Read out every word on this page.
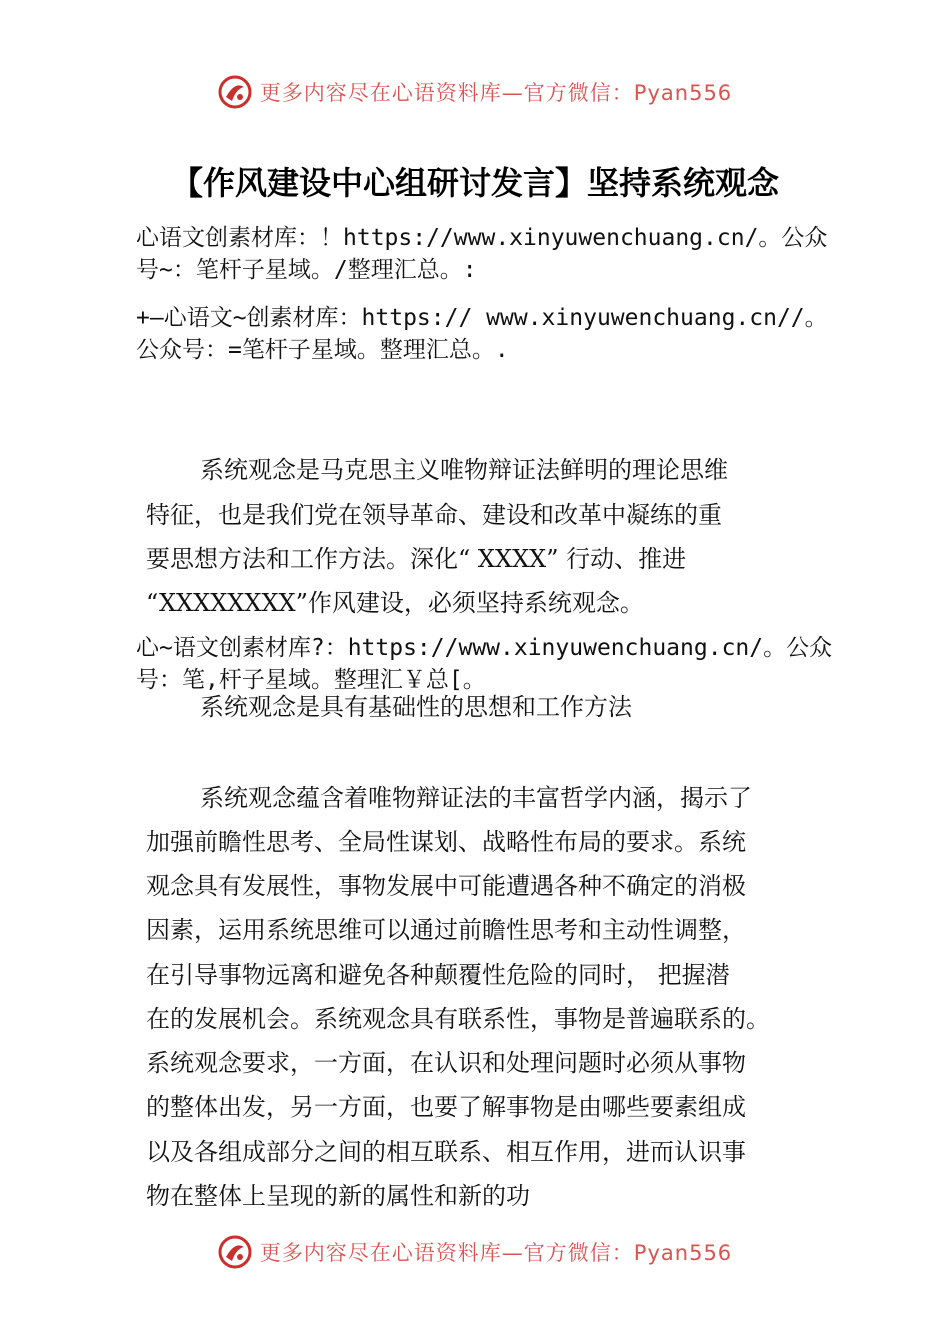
更多内容尽在心语资料库—官方微信：Pyan556
【作风建设中心组研讨发言】坚持系统观念

心语文创素材库：！https://www.xinyuwenchuang.cn/。公众号~：笔杆子星域。/整理汇总。:

+—心语文~创素材库：https:// www.xinyuwenchuang.cn//。公众号：=笔杆子星域。整理汇总。.

系统观念是马克思主义唯物辩证法鲜明的理论思维

特征，也是我们党在领导革命、建设和改革中凝练的重

要思想方法和工作方法。深化“ XXXX” 行动、推进

“XXXXXXXX”作风建设，必须坚持系统观念。

心~语文创素材库?：https://www.xinyuwenchuang.cn/。公众号：笔,杆子星域。整理汇￥总[。

系统观念是具有基础性的思想和工作方法

系统观念蕴含着唯物辩证法的丰富哲学内涵，揭示了

加强前瞻性思考、全局性谋划、战略性布局的要求。系统

观念具有发展性，事物发展中可能遭遇各种不确定的消极

因素，运用系统思维可以通过前瞻性思考和主动性调整，

在引导事物远离和避免各种颠覆性危险的同时， 把握潜

在的发展机会。系统观念具有联系性，事物是普遍联系的。

系统观念要求，一方面，在认识和处理问题时必须从事物

的整体出发，另一方面，也要了解事物是由哪些要素组成

以及各组成部分之间的相互联系、相互作用，进而认识事

物在整体上呈现的新的属性和新的功

更多内容尽在心语资料库—官方微信：Pyan556
